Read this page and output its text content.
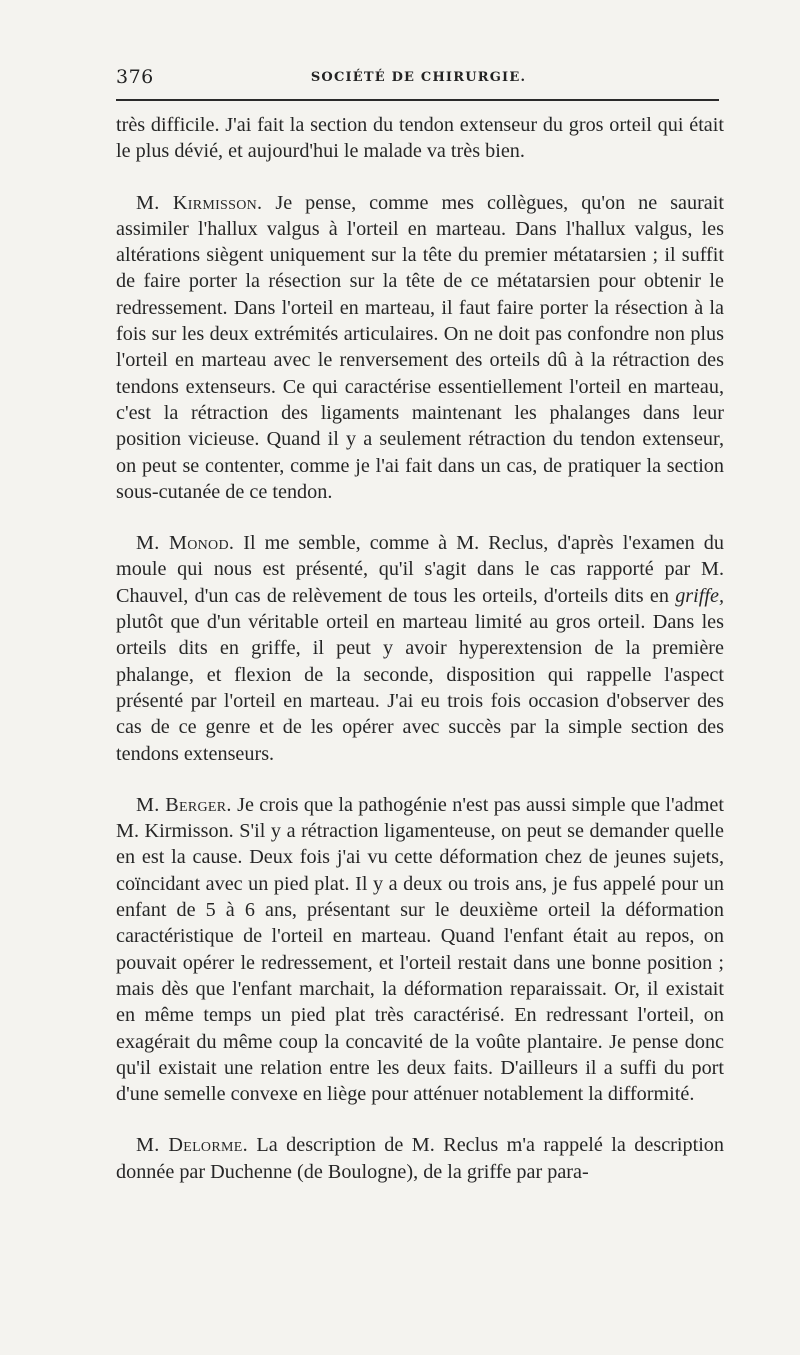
376	SOCIÉTÉ DE CHIRURGIE.

très difficile. J'ai fait la section du tendon extenseur du gros orteil qui était le plus dévié, et aujourd'hui le malade va très bien.

M. Kirmisson. Je pense, comme mes collègues, qu'on ne saurait assimiler l'hallux valgus à l'orteil en marteau. Dans l'hallux valgus, les altérations siègent uniquement sur la tête du premier métatarsien ; il suffit de faire porter la résection sur la tête de ce métatarsien pour obtenir le redressement. Dans l'orteil en marteau, il faut faire porter la résection à la fois sur les deux extrémités articulaires. On ne doit pas confondre non plus l'orteil en marteau avec le renversement des orteils dû à la rétraction des tendons extenseurs. Ce qui caractérise essentiellement l'orteil en marteau, c'est la rétraction des ligaments maintenant les phalanges dans leur position vicieuse. Quand il y a seulement rétraction du tendon extenseur, on peut se contenter, comme je l'ai fait dans un cas, de pratiquer la section sous-cutanée de ce tendon.

M. Monod. Il me semble, comme à M. Reclus, d'après l'examen du moule qui nous est présenté, qu'il s'agit dans le cas rapporté par M. Chauvel, d'un cas de relèvement de tous les orteils, d'orteils dits en griffe, plutôt que d'un véritable orteil en marteau limité au gros orteil. Dans les orteils dits en griffe, il peut y avoir hyperextension de la première phalange, et flexion de la seconde, disposition qui rappelle l'aspect présenté par l'orteil en marteau. J'ai eu trois fois occasion d'observer des cas de ce genre et de les opérer avec succès par la simple section des tendons extenseurs.

M. Berger. Je crois que la pathogénie n'est pas aussi simple que l'admet M. Kirmisson. S'il y a rétraction ligamenteuse, on peut se demander quelle en est la cause. Deux fois j'ai vu cette déformation chez de jeunes sujets, coïncidant avec un pied plat. Il y a deux ou trois ans, je fus appelé pour un enfant de 5 à 6 ans, présentant sur le deuxième orteil la déformation caractéristique de l'orteil en marteau. Quand l'enfant était au repos, on pouvait opérer le redressement, et l'orteil restait dans une bonne position ; mais dès que l'enfant marchait, la déformation reparaissait. Or, il existait en même temps un pied plat très caractérisé. En redressant l'orteil, on exagérait du même coup la concavité de la voûte plantaire. Je pense donc qu'il existait une relation entre les deux faits. D'ailleurs il a suffi du port d'une semelle convexe en liège pour atténuer notablement la difformité.

M. Delorme. La description de M. Reclus m'a rappelé la description donnée par Duchenne (de Boulogne), de la griffe par para-
